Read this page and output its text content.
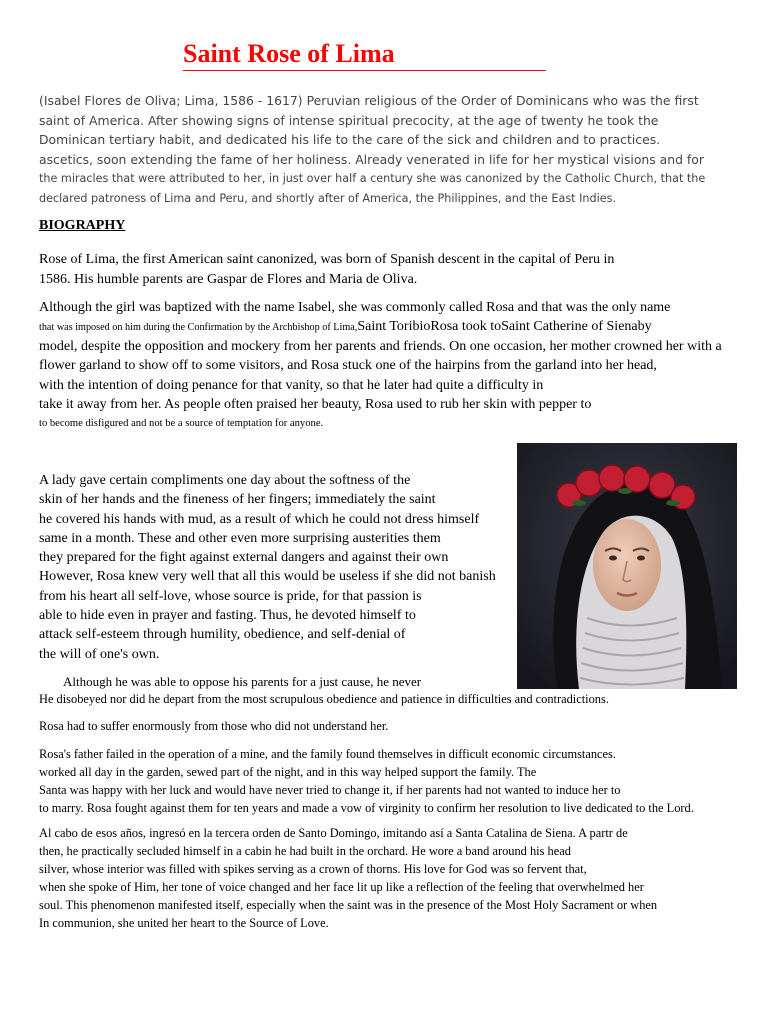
Saint Rose of Lima
(Isabel Flores de Oliva; Lima, 1586 - 1617) Peruvian religious of the Order of Dominicans who was the first
saint of America. After showing signs of intense spiritual precocity, at the age of twenty he took the
Dominican tertiary habit, and dedicated his life to the care of the sick and children and to practices.
ascetics, soon extending the fame of her holiness. Already venerated in life for her mystical visions and for
the miracles that were attributed to her, in just over half a century she was canonized by the Catholic Church, that the
declared patroness of Lima and Peru, and shortly after of America, the Philippines, and the East Indies.
BIOGRAPHY
Rose of Lima, the first American saint canonized, was born of Spanish descent in the capital of Peru in
1586. His humble parents are Gaspar de Flores and Maria de Oliva.
Although the girl was baptized with the name Isabel, she was commonly called Rosa and that was the only name
that was imposed on him during the Confirmation by the Archbishop of Lima,Saint ToribioRosa took toSaint Catherine of Sienaby
model, despite the opposition and mockery from her parents and friends. On one occasion, her mother crowned her with a
flower garland to show off to some visitors, and Rosa stuck one of the hairpins from the garland into her head,
with the intention of doing penance for that vanity, so that he later had quite a difficulty in
take it away from her. As people often praised her beauty, Rosa used to rub her skin with pepper to
to become disfigured and not be a source of temptation for anyone.
A lady gave certain compliments one day about the softness of the
skin of her hands and the fineness of her fingers; immediately the saint
he covered his hands with mud, as a result of which he could not dress himself
same in a month. These and other even more surprising austerities them
they prepared for the fight against external dangers and against their own
However, Rosa knew very well that all this would be useless if she did not banish
from his heart all self-love, whose source is pride, for that passion is
able to hide even in prayer and fasting. Thus, he devoted himself to
attack self-esteem through humility, obedience, and self-denial of
the will of one's own.
Although he was able to oppose his parents for a just cause, he never
He disobeyed nor did he depart from the most scrupulous obedience and patience in difficulties and contradictions.
Rosa had to suffer enormously from those who did not understand her.
Rosa's father failed in the operation of a mine, and the family found themselves in difficult economic circumstances.
worked all day in the garden, sewed part of the night, and in this way helped support the family. The
Santa was happy with her luck and would have never tried to change it, if her parents had not wanted to induce her to
to marry. Rosa fought against them for ten years and made a vow of virginity to confirm her resolution to live dedicated to the Lord.
Al cabo de esos años, ingresó en la tercera orden de Santo Domingo, imitando así a Santa Catalina de Siena. A partr de
then, he practically secluded himself in a cabin he had built in the orchard. He wore a band around his head
silver, whose interior was filled with spikes serving as a crown of thorns. His love for God was so fervent that,
when she spoke of Him, her tone of voice changed and her face lit up like a reflection of the feeling that overwhelmed her
soul. This phenomenon manifested itself, especially when the saint was in the presence of the Most Holy Sacrament or when
In communion, she united her heart to the Source of Love.
